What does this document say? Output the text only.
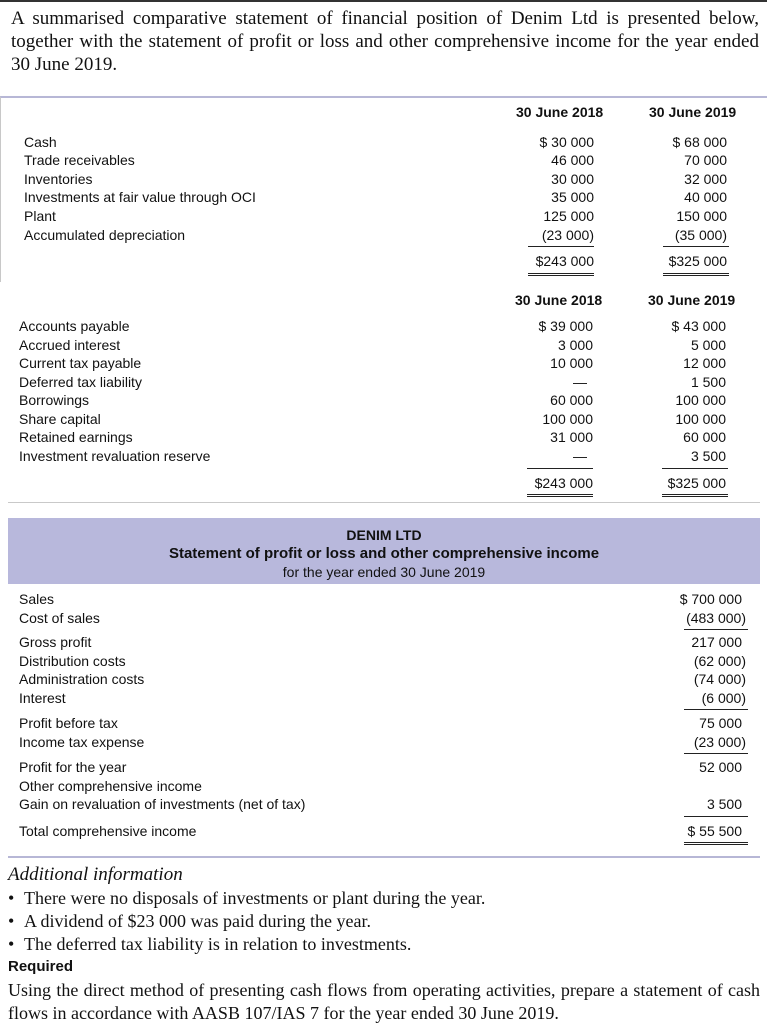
A summarised comparative statement of financial position of Denim Ltd is presented below, together with the statement of profit or loss and other comprehensive income for the year ended 30 June 2019.
30 June 2018	30 June 2019
Cash	$ 30 000	$ 68 000
Trade receivables	46 000	70 000
Inventories	30 000	32 000
Investments at fair value through OCI	35 000	40 000
Plant	125 000	150 000
Accumulated depreciation	(23 000)	(35 000)
$243 000	$325 000
30 June 2018	30 June 2019
Accounts payable	$ 39 000	$ 43 000
Accrued interest	3 000	5 000
Current tax payable	10 000	12 000
Deferred tax liability	—	1 500
Borrowings	60 000	100 000
Share capital	100 000	100 000
Retained earnings	31 000	60 000
Investment revaluation reserve	—	3 500
$243 000	$325 000
DENIM LTD
Statement of profit or loss and other comprehensive income
for the year ended 30 June 2019
Sales	$ 700 000
Cost of sales	(483 000)
Gross profit	217 000
Distribution costs	(62 000)
Administration costs	(74 000)
Interest	(6 000)
Profit before tax	75 000
Income tax expense	(23 000)
Profit for the year	52 000
Other comprehensive income
Gain on revaluation of investments (net of tax)	3 500
Total comprehensive income	$ 55 500
Additional information
• There were no disposals of investments or plant during the year.
• A dividend of $23 000 was paid during the year.
• The deferred tax liability is in relation to investments.
Required
Using the direct method of presenting cash flows from operating activities, prepare a statement of cash flows in accordance with AASB 107/IAS 7 for the year ended 30 June 2019.
